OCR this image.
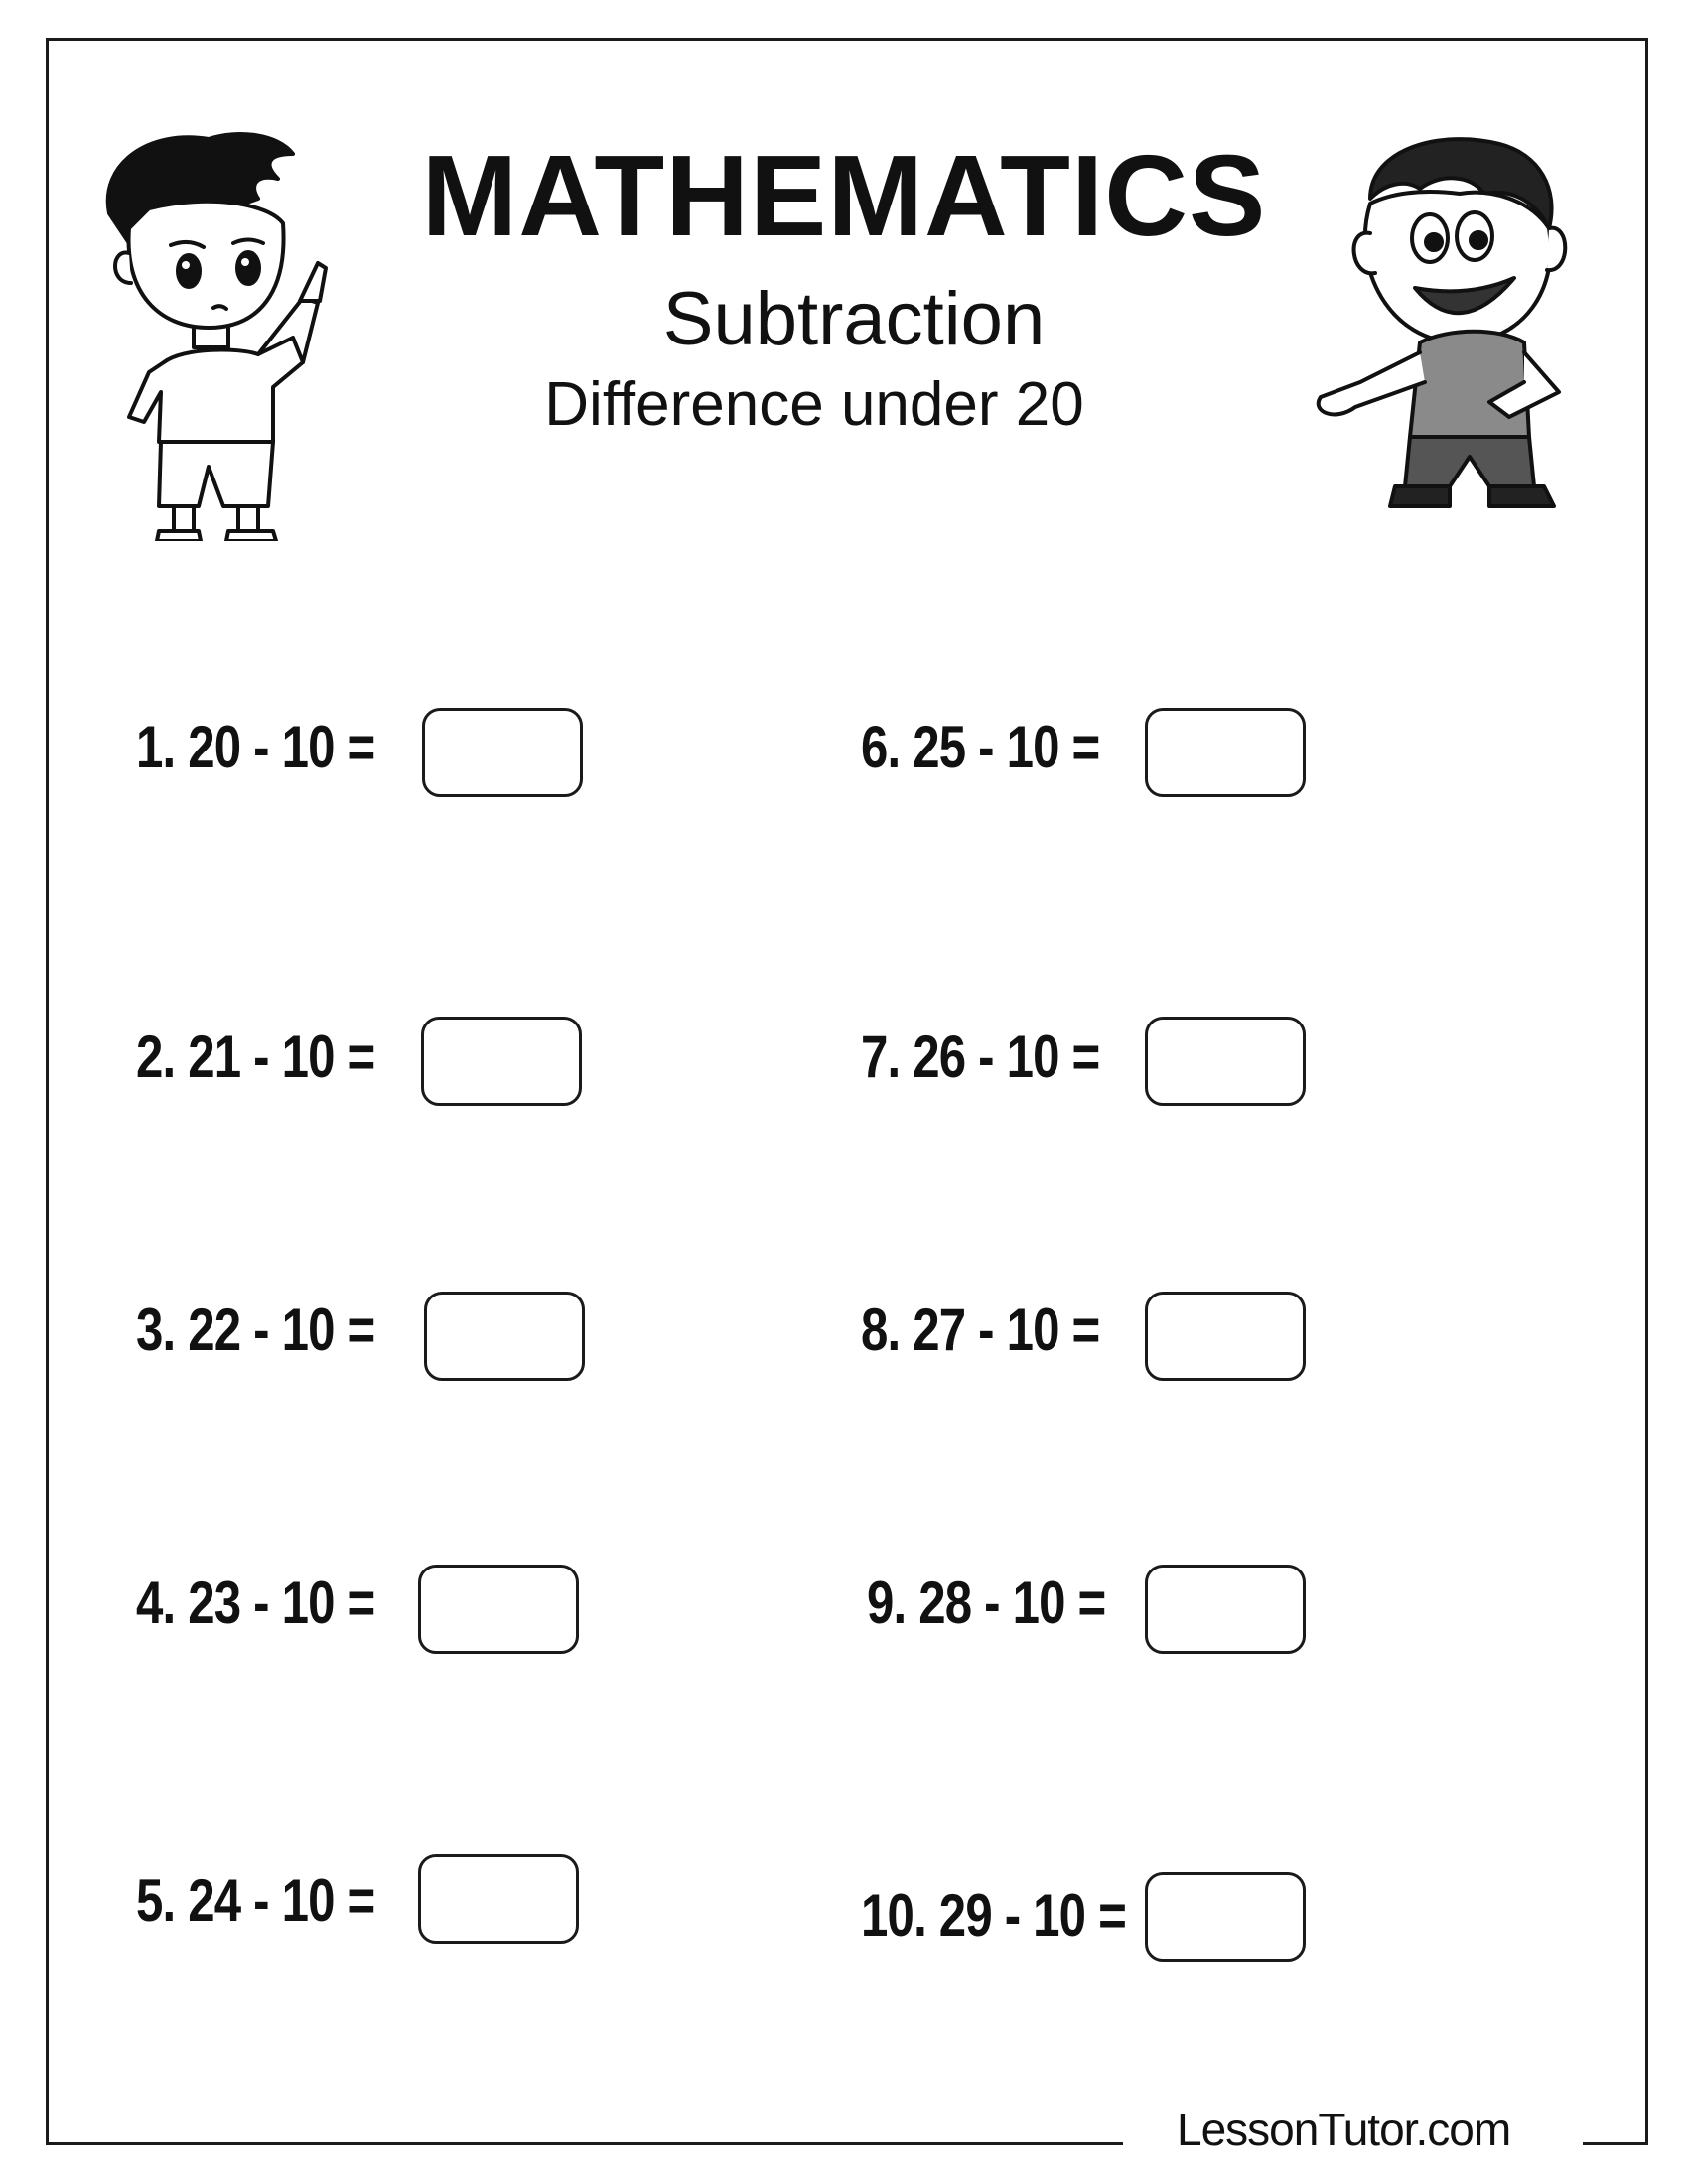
MATHEMATICS
Subtraction
Difference under 20
1. 20 - 10 =
2. 21 - 10 =
3. 22 - 10 =
4. 23 - 10 =
5. 24 - 10 =
6. 25 - 10 =
7. 26 - 10 =
8. 27 - 10 =
9. 28 - 10 =
10. 29 - 10 =
LessonTutor.com
